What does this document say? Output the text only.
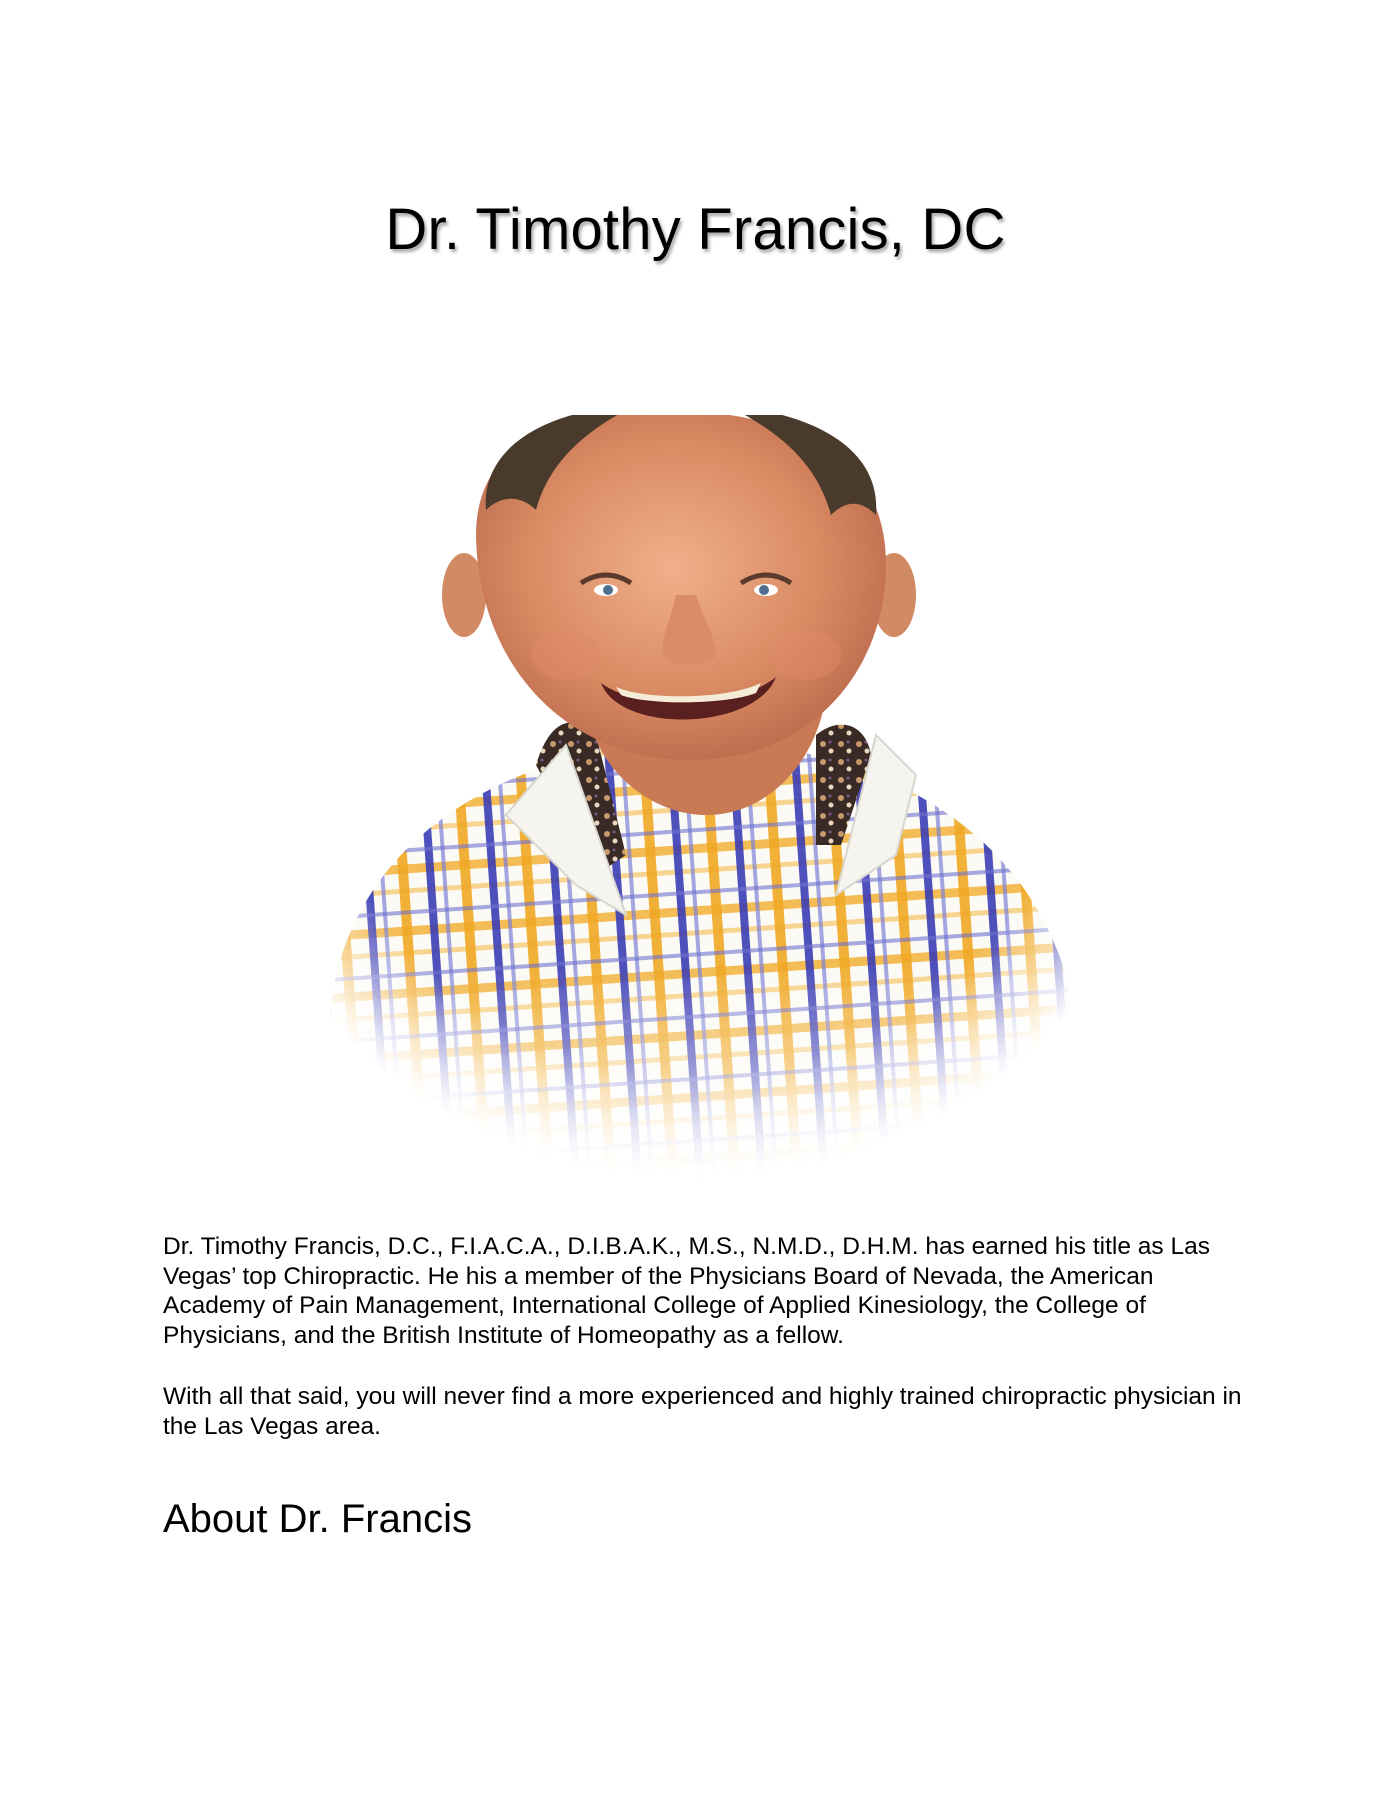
Dr. Timothy Francis, DC

Dr. Timothy Francis, D.C., F.I.A.C.A., D.I.B.A.K., M.S., N.M.D., D.H.M. has earned his title as Las Vegas’ top Chiropractic. He his a member of the Physicians Board of Nevada, the American Academy of Pain Management, International College of Applied Kinesiology, the College of Physicians, and the British Institute of Homeopathy as a fellow.

With all that said, you will never find a more experienced and highly trained chiropractic physician in the Las Vegas area.

About Dr. Francis
